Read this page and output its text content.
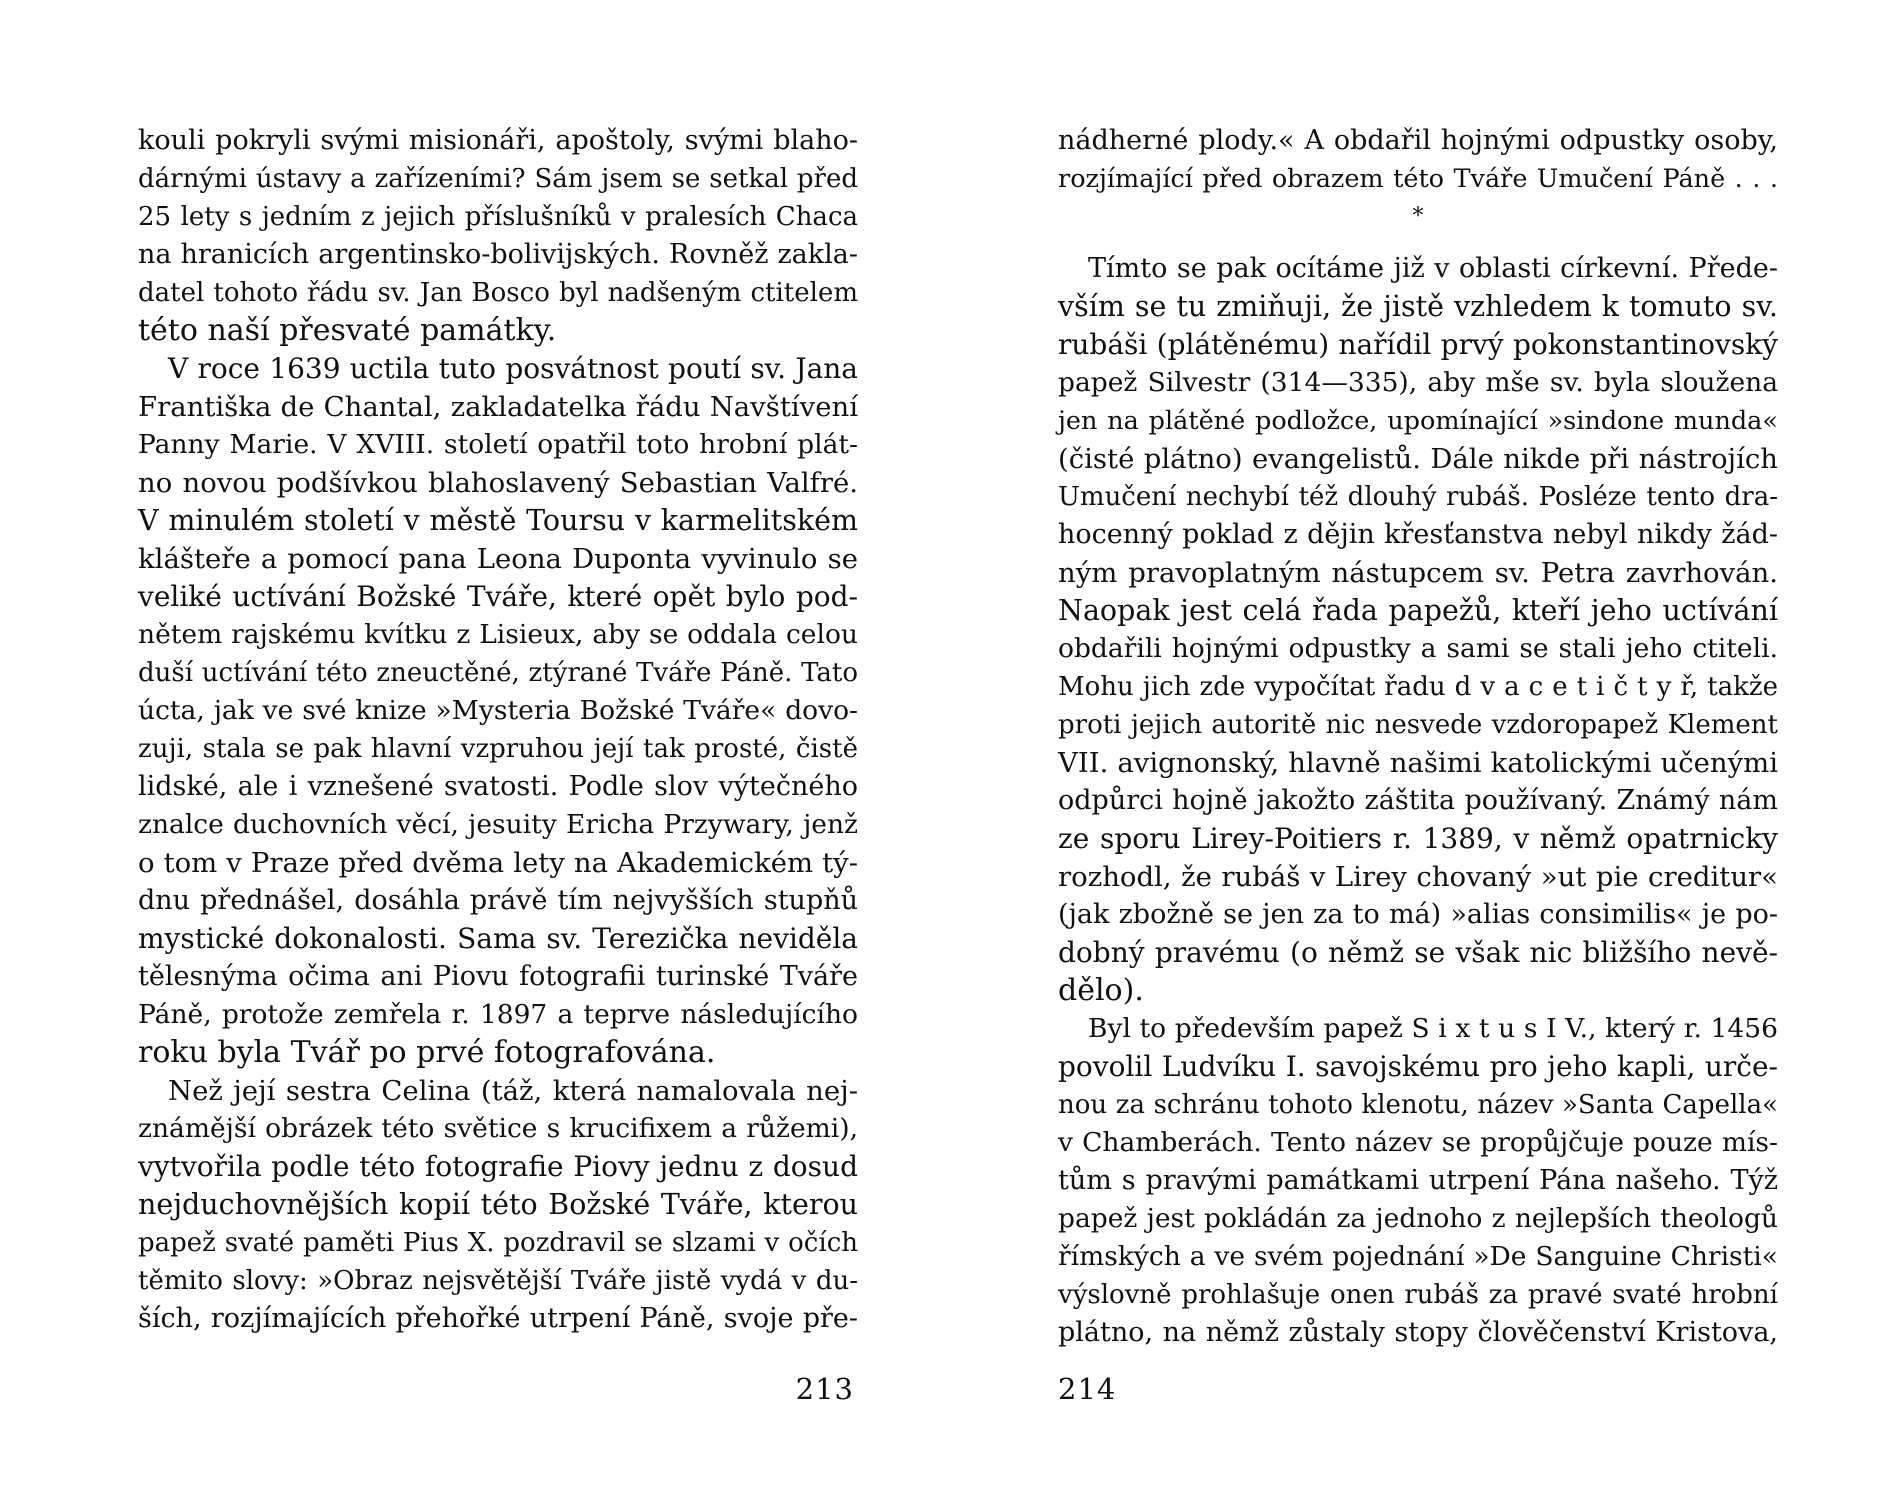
kouli pokryli svými misionáři, apoštoly, svými blaho-
dárnými ústavy a zařízeními? Sám jsem se setkal před
25 lety s jedním z jejich příslušníků v pralesích Chaca
na hranicích argentinsko-bolivijských. Rovněž zakla-
datel tohoto řádu sv. Jan Bosco byl nadšeným ctitelem
této naší přesvaté památky.
V roce 1639 uctila tuto posvátnost poutí sv. Jana
Františka de Chantal, zakladatelka řádu Navštívení
Panny Marie. V XVIII. století opatřil toto hrobní plát-
no novou podšívkou blahoslavený Sebastian Valfré.
V minulém století v městě Toursu v karmelitském
klášteře a pomocí pana Leona Duponta vyvinulo se
veliké uctívání Božské Tváře, které opět bylo pod-
nětem rajskému kvítku z Lisieux, aby se oddala celou
duší uctívání této zneuctěné, ztýrané Tváře Páně. Tato
úcta, jak ve své knize »Mysteria Božské Tváře« dovo-
zuji, stala se pak hlavní vzpruhou její tak prosté, čistě
lidské, ale i vznešené svatosti. Podle slov výtečného
znalce duchovních věcí, jesuity Ericha Przywary, jenž
o tom v Praze před dvěma lety na Akademickém tý-
dnu přednášel, dosáhla právě tím nejvyšších stupňů
mystické dokonalosti. Sama sv. Terezička neviděla
tělesnýma očima ani Piovu fotografii turinské Tváře
Páně, protože zemřela r. 1897 a teprve následujícího
roku byla Tvář po prvé fotografována.
Než její sestra Celina (táž, která namalovala nej-
známější obrázek této světice s krucifixem a růžemi),
vytvořila podle této fotografie Piovy jednu z dosud
nejduchovnějších kopií této Božské Tváře, kterou
papež svaté paměti Pius X. pozdravil se slzami v očích
těmito slovy: »Obraz nejsvětější Tváře jistě vydá v du-
ších, rozjímajících přehořké utrpení Páně, svoje pře-
213
nádherné plody.« A obdařil hojnými odpustky osoby,
rozjímající před obrazem této Tváře Umučení Páně . . .
*
Tímto se pak ocítáme již v oblasti církevní. Přede-
vším se tu zmiňuji, že jistě vzhledem k tomuto sv.
rubáši (plátěnému) nařídil prvý pokonstantinovský
papež Silvestr (314—335), aby mše sv. byla sloužena
jen na plátěné podložce, upomínající »sindone munda«
(čisté plátno) evangelistů. Dále nikde při nástrojích
Umučení nechybí též dlouhý rubáš. Posléze tento dra-
hocenný poklad z dějin křesťanstva nebyl nikdy žád-
ným pravoplatným nástupcem sv. Petra zavrhován.
Naopak jest celá řada papežů, kteří jeho uctívání
obdařili hojnými odpustky a sami se stali jeho ctiteli.
Mohu jich zde vypočítat řadu d v a c e t i č t y ř, takže
proti jejich autoritě nic nesvede vzdoropapež Klement
VII. avignonský, hlavně našimi katolickými učenými
odpůrci hojně jakožto záštita používaný. Známý nám
ze sporu Lirey-Poitiers r. 1389, v němž opatrnicky
rozhodl, že rubáš v Lirey chovaný »ut pie creditur«
(jak zbožně se jen za to má) »alias consimilis« je po-
dobný pravému (o němž se však nic bližšího nevě-
dělo).
Byl to především papež S i x t u s I V., který r. 1456
povolil Ludvíku I. savojskému pro jeho kapli, urče-
nou za schránu tohoto klenotu, název »Santa Capella«
v Chamberách. Tento název se propůjčuje pouze mís-
tům s pravými památkami utrpení Pána našeho. Týž
papež jest pokládán za jednoho z nejlepších theologů
římských a ve svém pojednání »De Sanguine Christi«
výslovně prohlašuje onen rubáš za pravé svaté hrobní
plátno, na němž zůstaly stopy člověčenství Kristova,
214
